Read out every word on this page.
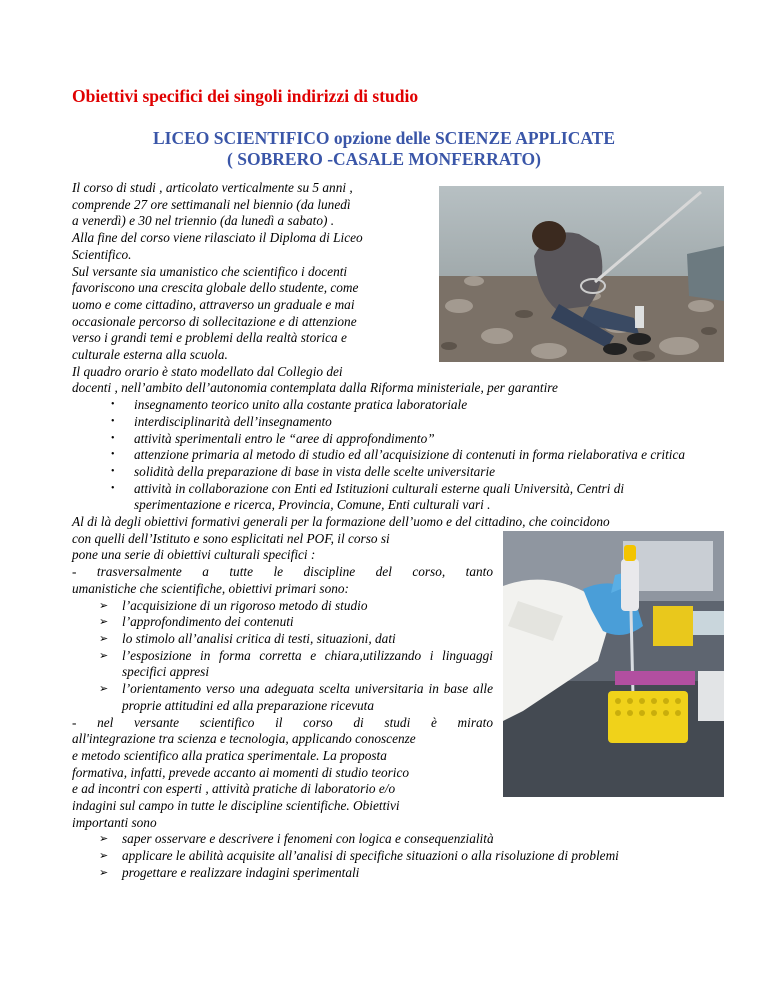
Obiettivi specifici dei singoli indirizzi di studio
LICEO SCIENTIFICO opzione delle SCIENZE APPLICATE
( SOBRERO -CASALE MONFERRATO)

Il corso di studi , articolato verticalmente su 5 anni ,

comprende 27 ore settimanali nel biennio (da lunedì

a venerdì) e 30 nel triennio (da lunedì a sabato) .

Alla fine del corso viene rilasciato il Diploma di Liceo

Scientifico.

Sul versante sia umanistico che scientifico i docenti

favoriscono una crescita globale dello studente, come

uomo e come cittadino, attraverso un graduale e mai

occasionale percorso di sollecitazione e di attenzione

verso i grandi temi e problemi della realtà storica e

culturale esterna alla scuola.

Il quadro orario è stato modellato dal Collegio dei

docenti , nell’ambito dell’autonomia contemplata dalla Riforma ministeriale, per garantire

• insegnamento teorico unito alla costante pratica laboratoriale
• interdisciplinarità dell’insegnamento
• attività sperimentali entro le “aree di approfondimento”
• attenzione primaria al metodo di studio ed all’acquisizione di contenuti in forma rielaborativa e critica
• solidità della preparazione di base in vista delle scelte universitarie
• attività in collaborazione con Enti ed Istituzioni culturali esterne quali Università, Centri di sperimentazione e ricerca, Provincia, Comune, Enti culturali vari .

Al di là degli obiettivi formativi generali per la formazione dell’uomo e del cittadino, che coincidono

con quelli dell’Istituto e sono esplicitati nel POF, il corso si

pone una serie di obiettivi culturali specifici :

- trasversalmente a tutte le discipline del corso, tanto

umanistiche che scientifiche, obiettivi primari sono:

➢ l’acquisizione di un rigoroso metodo di studio
➢ l’approfondimento dei contenuti
➢ lo stimolo all’analisi critica di testi, situazioni, dati
➢ l’esposizione in forma corretta e chiara,utilizzando i linguaggi specifici appresi
➢ l’orientamento verso una adeguata scelta universitaria in base alle proprie attitudini ed alla preparazione ricevuta

- nel versante scientifico il corso di studi è mirato

all'integrazione tra scienza e tecnologia, applicando conoscenze

e metodo scientifico alla pratica sperimentale. La proposta

formativa, infatti, prevede accanto ai momenti di studio teorico

e ad incontri con esperti , attività pratiche di laboratorio e/o

indagini sul campo in tutte le discipline scientifiche. Obiettivi

importanti sono

➢ saper osservare e descrivere i fenomeni con logica e consequenzialità
➢ applicare le abilità acquisite all’analisi di specifiche situazioni o alla risoluzione di problemi
➢ progettare e realizzare indagini sperimentali
